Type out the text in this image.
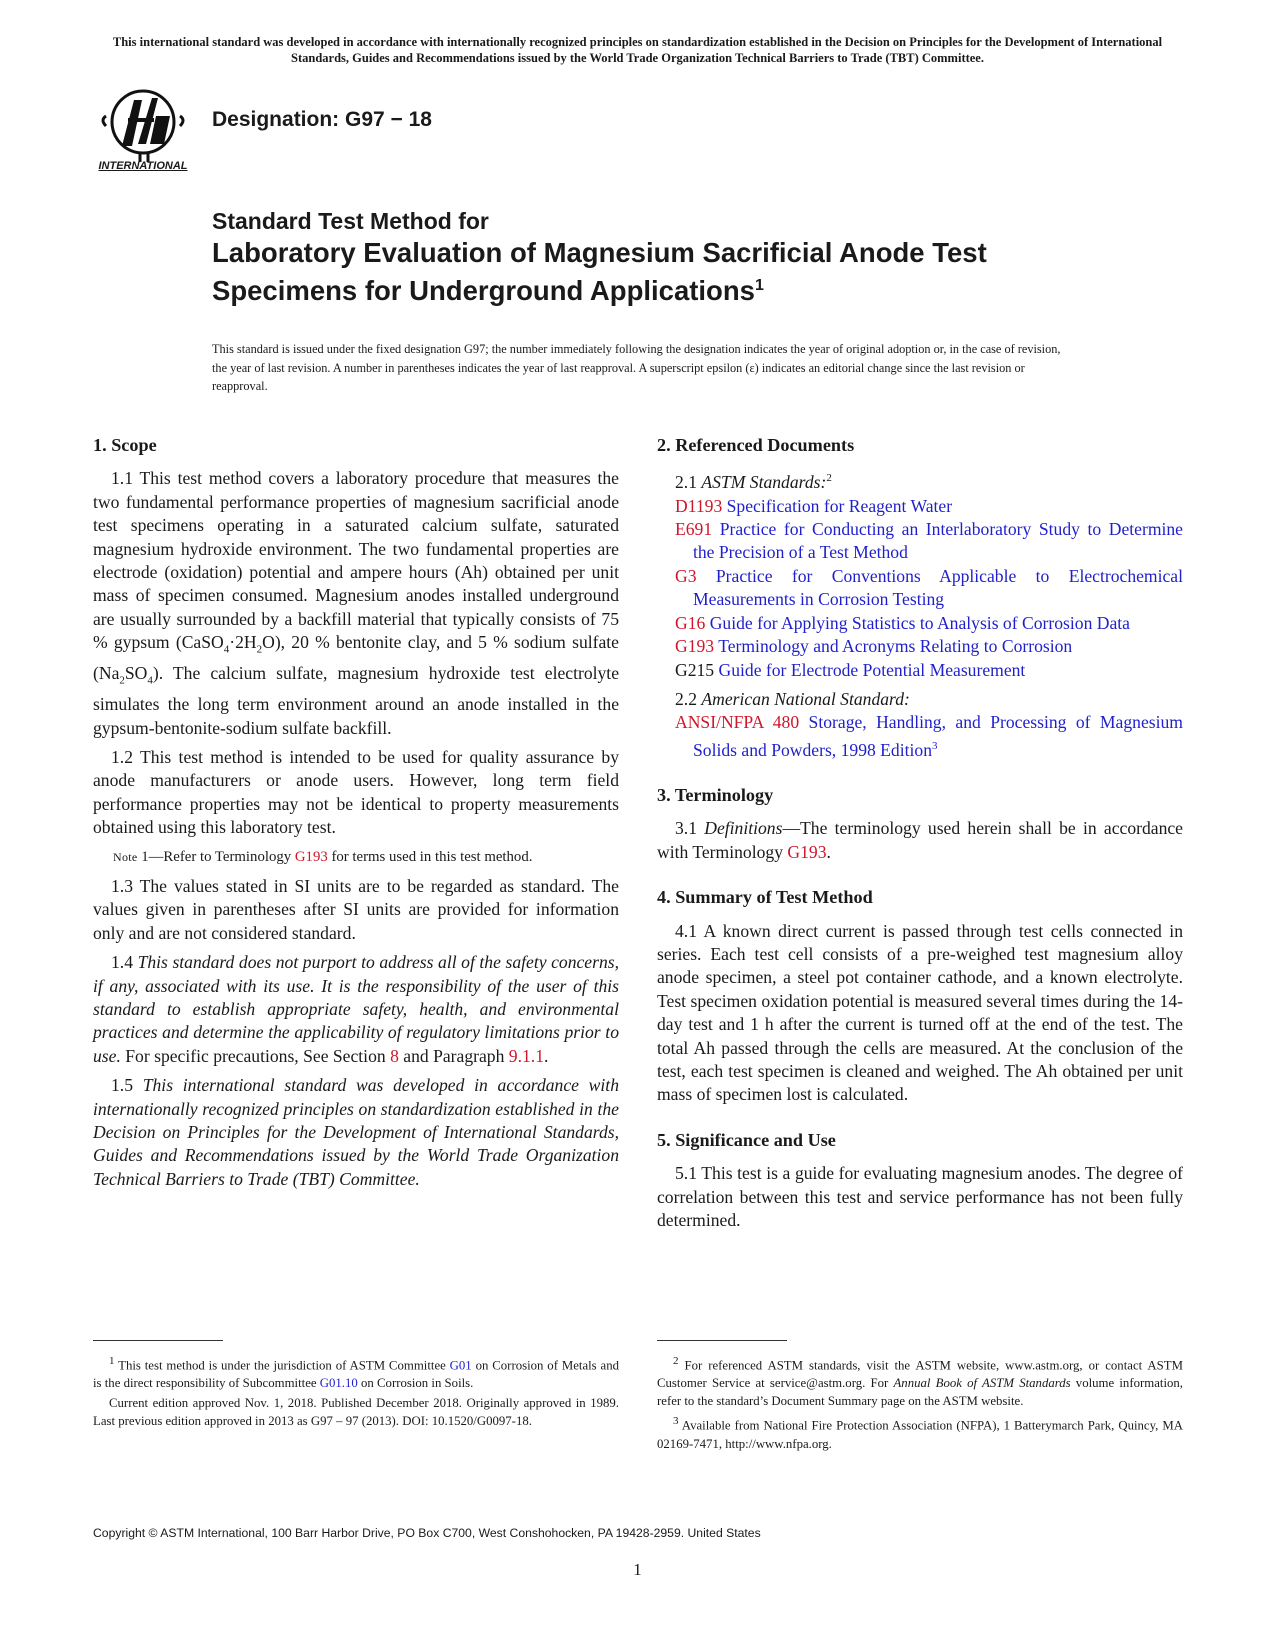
This international standard was developed in accordance with internationally recognized principles on standardization established in the Decision on Principles for the Development of International Standards, Guides and Recommendations issued by the World Trade Organization Technical Barriers to Trade (TBT) Committee.
INTERNATIONAL
Designation: G97 − 18
Standard Test Method for
Laboratory Evaluation of Magnesium Sacrificial Anode Test Specimens for Underground Applications$^1$
This standard is issued under the fixed designation G97; the number immediately following the designation indicates the year of original adoption or, in the case of revision, the year of last revision. A number in parentheses indicates the year of last reapproval. A superscript epsilon (ε) indicates an editorial change since the last revision or reapproval.
1. Scope

1.1 This test method covers a laboratory procedure that measures the two fundamental performance properties of magnesium sacrificial anode test specimens operating in a saturated calcium sulfate, saturated magnesium hydroxide environment. The two fundamental properties are electrode (oxidation) potential and ampere hours (Ah) obtained per unit mass of specimen consumed. Magnesium anodes installed underground are usually surrounded by a backfill material that typically consists of 75 % gypsum $(CaSO_4\cdot 2H_2O)$, 20 % bentonite clay, and 5 % sodium sulfate $(Na_2SO_4)$. The calcium sulfate, magnesium hydroxide test electrolyte simulates the long term environment around an anode installed in the gypsum-bentonite-sodium sulfate backfill.

1.2 This test method is intended to be used for quality assurance by anode manufacturers or anode users. However, long term field performance properties may not be identical to property measurements obtained using this laboratory test.

Note 1—Refer to Terminology G193 for terms used in this test method.

1.3 The values stated in SI units are to be regarded as standard. The values given in parentheses after SI units are provided for information only and are not considered standard.

1.4 This standard does not purport to address all of the safety concerns, if any, associated with its use. It is the responsibility of the user of this standard to establish appropriate safety, health, and environmental practices and determine the applicability of regulatory limitations prior to use. For specific precautions, See Section 8 and Paragraph 9.1.1.

1.5 This international standard was developed in accordance with internationally recognized principles on standardization established in the Decision on Principles for the Development of International Standards, Guides and Recommendations issued by the World Trade Organization Technical Barriers to Trade (TBT) Committee.

2. Referenced Documents

2.1 ASTM Standards:$^2$

D1193 Specification for Reagent Water

E691 Practice for Conducting an Interlaboratory Study to Determine the Precision of a Test Method

G3 Practice for Conventions Applicable to Electrochemical Measurements in Corrosion Testing

G16 Guide for Applying Statistics to Analysis of Corrosion Data

G193 Terminology and Acronyms Relating to Corrosion

G215 Guide for Electrode Potential Measurement

2.2 American National Standard:

ANSI/NFPA 480 Storage, Handling, and Processing of Magnesium Solids and Powders, 1998 Edition$^3$

3. Terminology

3.1 Definitions—The terminology used herein shall be in accordance with Terminology G193.

4. Summary of Test Method

4.1 A known direct current is passed through test cells connected in series. Each test cell consists of a pre-weighed test magnesium alloy anode specimen, a steel pot container cathode, and a known electrolyte. Test specimen oxidation potential is measured several times during the 14-day test and 1 h after the current is turned off at the end of the test. The total Ah passed through the cells are measured. At the conclusion of the test, each test specimen is cleaned and weighed. The Ah obtained per unit mass of specimen lost is calculated.

5. Significance and Use

5.1 This test is a guide for evaluating magnesium anodes. The degree of correlation between this test and service performance has not been fully determined.

$^1$ This test method is under the jurisdiction of ASTM Committee G01 on Corrosion of Metals and is the direct responsibility of Subcommittee G01.10 on Corrosion in Soils.

Current edition approved Nov. 1, 2018. Published December 2018. Originally approved in 1989. Last previous edition approved in 2013 as G97 – 97 (2013). DOI: 10.1520/G0097-18.

$^2$ For referenced ASTM standards, visit the ASTM website, www.astm.org, or contact ASTM Customer Service at service@astm.org. For Annual Book of ASTM Standards volume information, refer to the standard’s Document Summary page on the ASTM website.

$^3$ Available from National Fire Protection Association (NFPA), 1 Batterymarch Park, Quincy, MA 02169-7471, http://www.nfpa.org.

Copyright © ASTM International, 100 Barr Harbor Drive, PO Box C700, West Conshohocken, PA 19428-2959. United States
1
